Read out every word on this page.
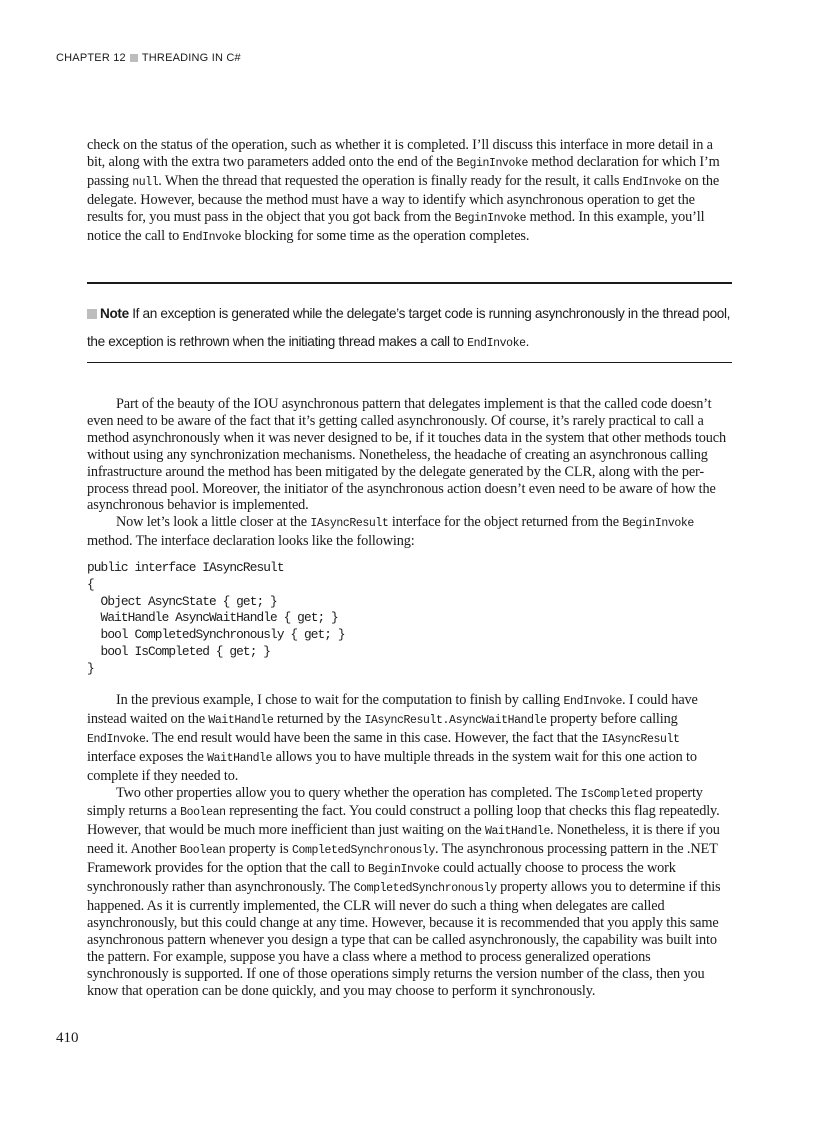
CHAPTER 12 THREADING IN C#

check on the status of the operation, such as whether it is completed. I’ll discuss this interface in more detail in a bit, along with the extra two parameters added onto the end of the BeginInvoke method declaration for which I’m passing null. When the thread that requested the operation is finally ready for the result, it calls EndInvoke on the delegate. However, because the method must have a way to identify which asynchronous operation to get the results for, you must pass in the object that you got back from the BeginInvoke method. In this example, you’ll notice the call to EndInvoke blocking for some time as the operation completes.

Note If an exception is generated while the delegate’s target code is running asynchronously in the thread pool, the exception is rethrown when the initiating thread makes a call to EndInvoke.

Part of the beauty of the IOU asynchronous pattern that delegates implement is that the called code doesn’t even need to be aware of the fact that it’s getting called asynchronously. Of course, it’s rarely practical to call a method asynchronously when it was never designed to be, if it touches data in the system that other methods touch without using any synchronization mechanisms. Nonetheless, the headache of creating an asynchronous calling infrastructure around the method has been mitigated by the delegate generated by the CLR, along with the per-process thread pool. Moreover, the initiator of the asynchronous action doesn’t even need to be aware of how the asynchronous behavior is implemented.

Now let’s look a little closer at the IAsyncResult interface for the object returned from the BeginInvoke method. The interface declaration looks like the following:

public interface IAsyncResult
{
Object AsyncState { get; }
WaitHandle AsyncWaitHandle { get; }
bool CompletedSynchronously { get; }
bool IsCompleted { get; }
}

In the previous example, I chose to wait for the computation to finish by calling EndInvoke. I could have instead waited on the WaitHandle returned by the IAsyncResult.AsyncWaitHandle property before calling EndInvoke. The end result would have been the same in this case. However, the fact that the IAsyncResult interface exposes the WaitHandle allows you to have multiple threads in the system wait for this one action to complete if they needed to.

Two other properties allow you to query whether the operation has completed. The IsCompleted property simply returns a Boolean representing the fact. You could construct a polling loop that checks this flag repeatedly. However, that would be much more inefficient than just waiting on the WaitHandle. Nonetheless, it is there if you need it. Another Boolean property is CompletedSynchronously. The asynchronous processing pattern in the .NET Framework provides for the option that the call to BeginInvoke could actually choose to process the work synchronously rather than asynchronously. The CompletedSynchronously property allows you to determine if this happened. As it is currently implemented, the CLR will never do such a thing when delegates are called asynchronously, but this could change at any time. However, because it is recommended that you apply this same asynchronous pattern whenever you design a type that can be called asynchronously, the capability was built into the pattern. For example, suppose you have a class where a method to process generalized operations synchronously is supported. If one of those operations simply returns the version number of the class, then you know that operation can be done quickly, and you may choose to perform it synchronously.

410
